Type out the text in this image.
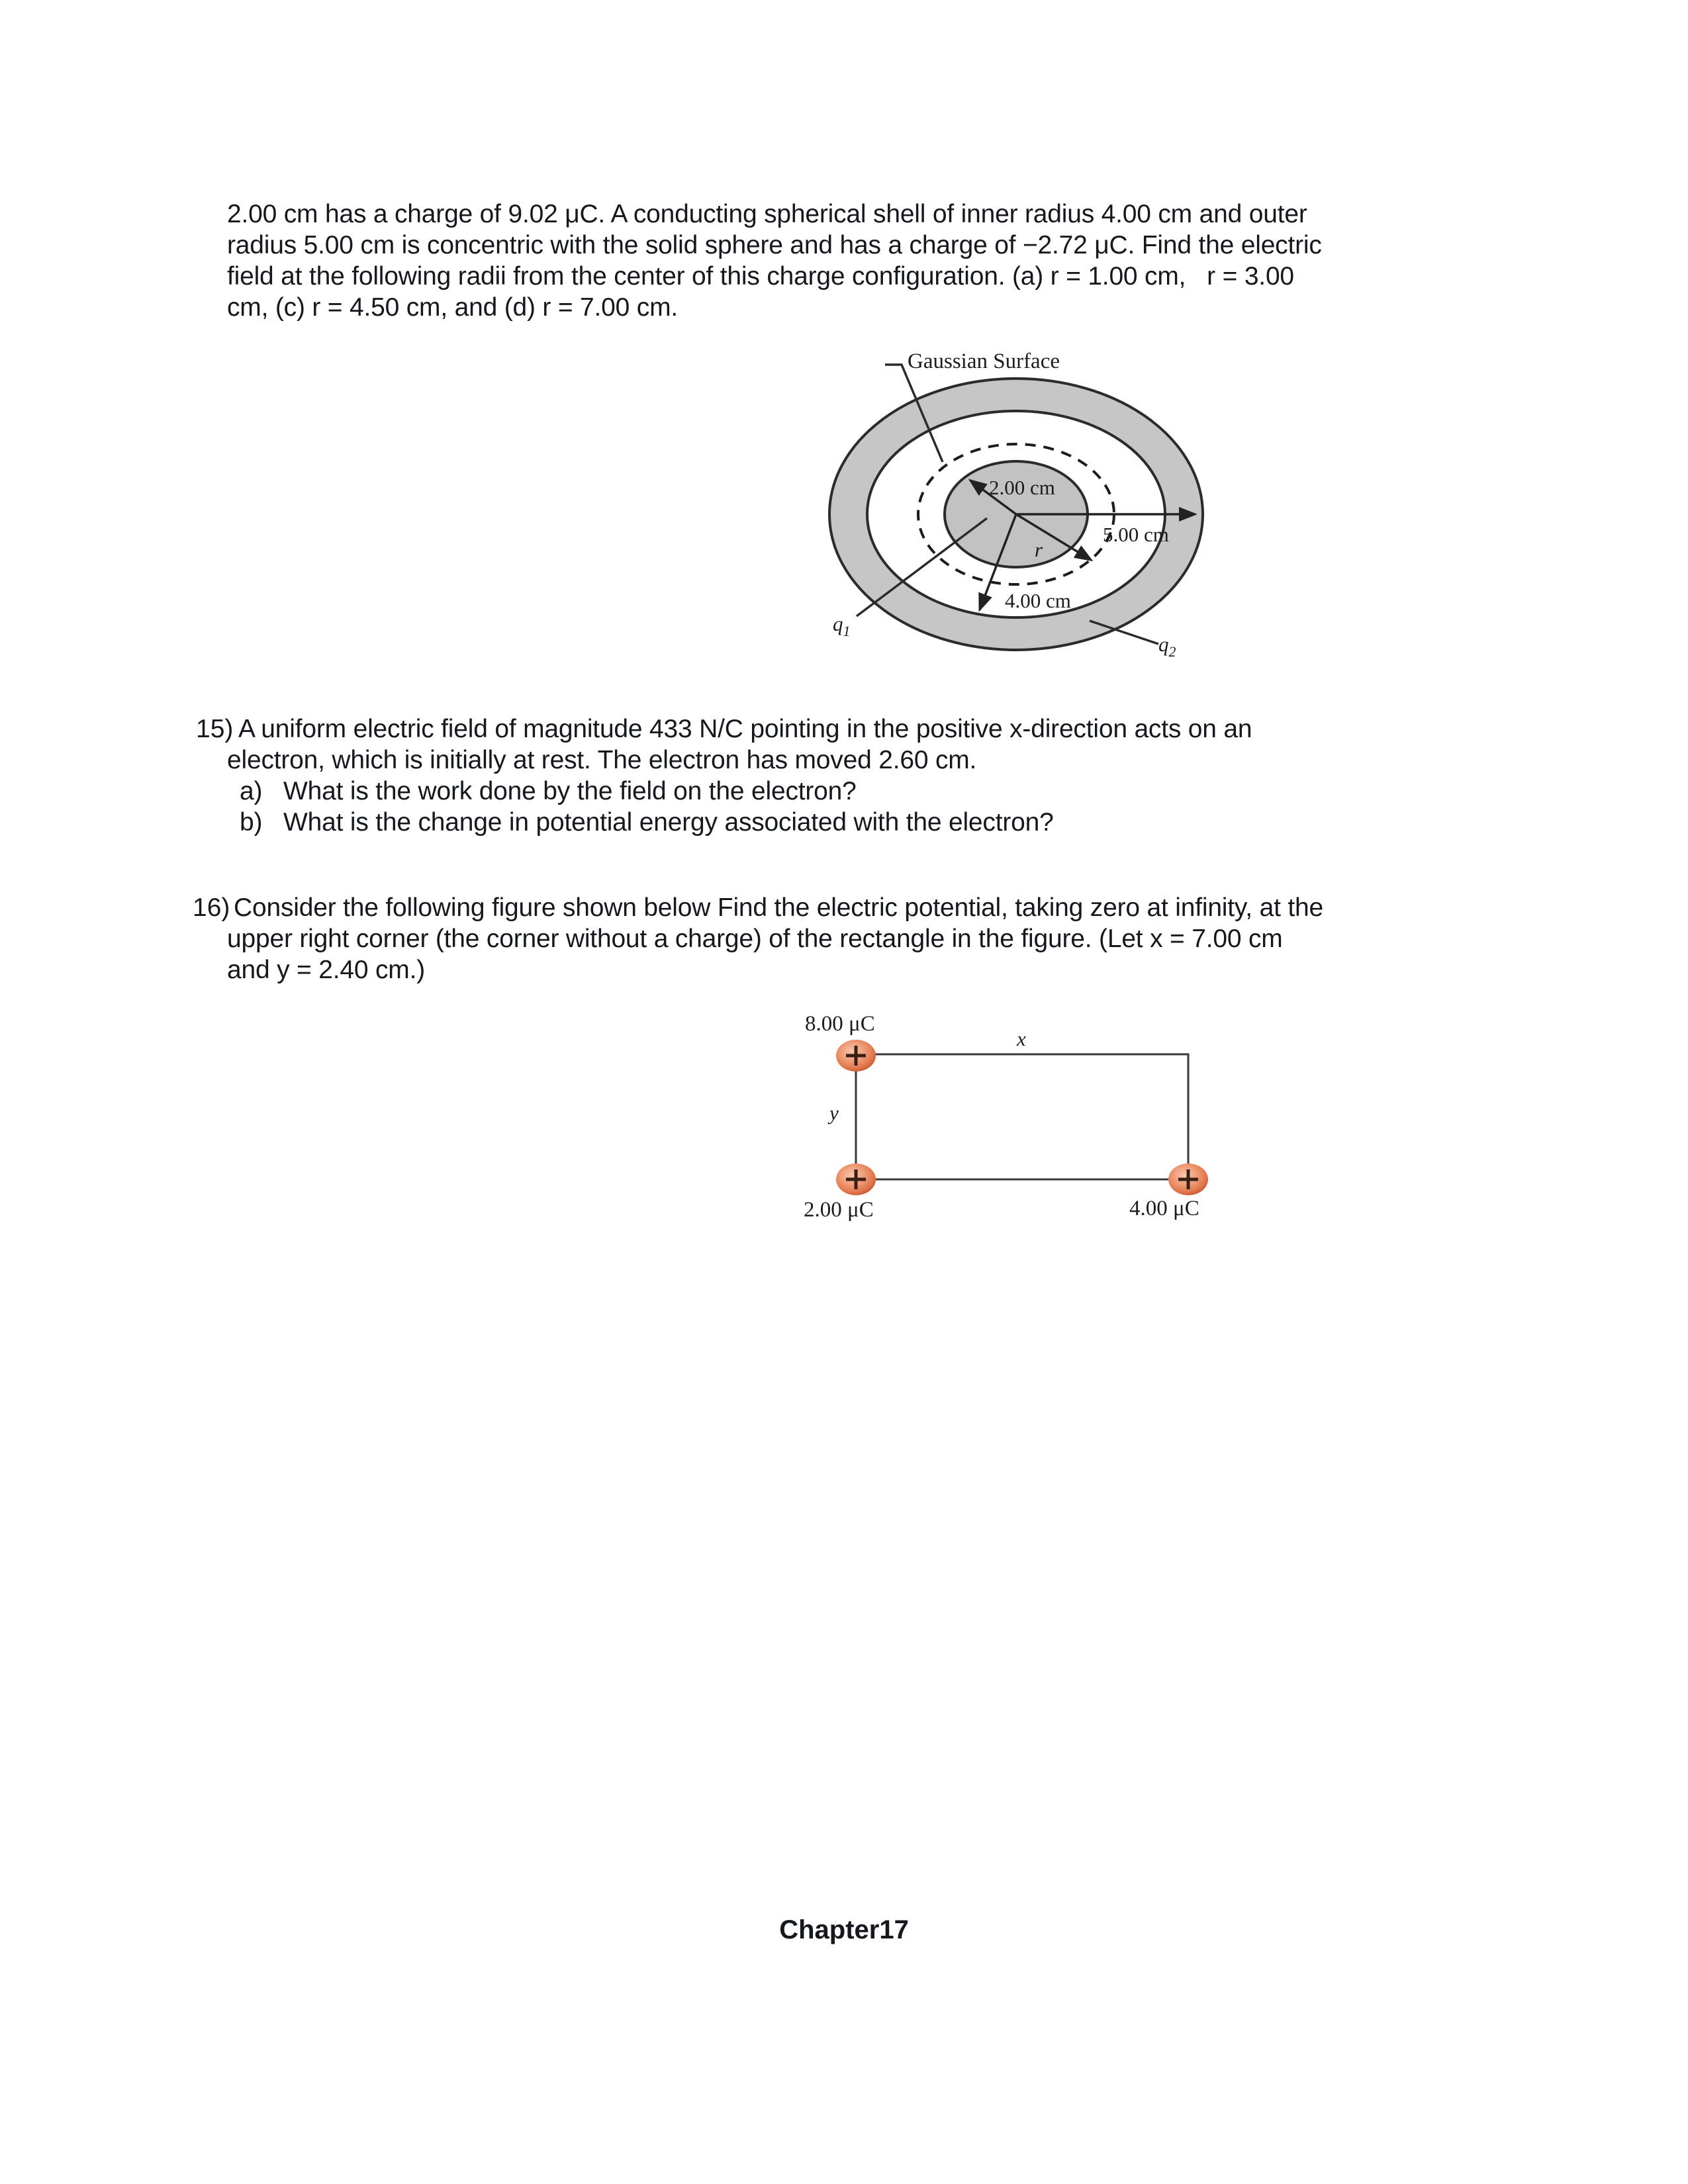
2.00 cm has a charge of 9.02 μC. A conducting spherical shell of inner radius 4.00 cm and outer
radius 5.00 cm is concentric with the solid sphere and has a charge of −2.72 μC. Find the electric
field at the following radii from the center of this charge configuration. (a) r = 1.00 cm,   r = 3.00
cm, (c) r = 4.50 cm, and (d) r = 7.00 cm.
Gaussian Surface
2.00 cm
5.00 cm
r
4.00 cm
$q_1$
$q_2$
15) A uniform electric field of magnitude 433 N/C pointing in the positive x-direction acts on an
electron, which is initially at rest. The electron has moved 2.60 cm.
a) What is the work done by the field on the electron?
b) What is the change in potential energy associated with the electron?
16) Consider the following figure shown below Find the electric potential, taking zero at infinity, at the
upper right corner (the corner without a charge) of the rectangle in the figure. (Let x = 7.00 cm
and y = 2.40 cm.)
8.00 μC
x
y
2.00 μC	4.00 μC
Chapter17
